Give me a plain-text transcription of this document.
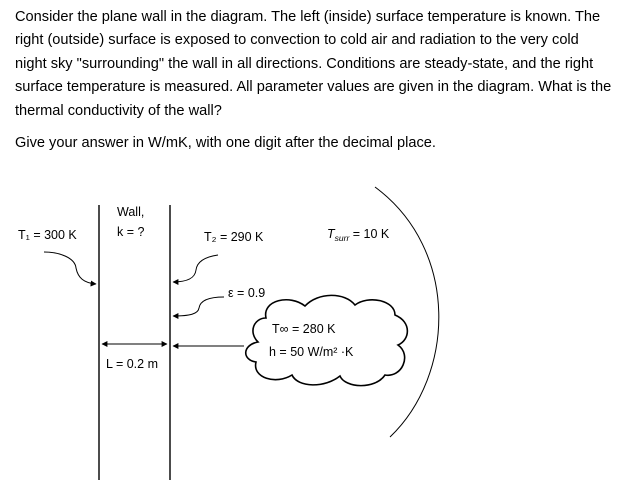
Consider the plane wall in the diagram. The left (inside) surface temperature is known. The right (outside) surface is exposed to convection to cold air and radiation to the very cold night sky "surrounding" the wall in all directions. Conditions are steady-state, and the right surface temperature is measured. All parameter values are given in the diagram. What is the thermal conductivity of the wall?

Give your answer in W/mK, with one digit after the decimal place.

Wall,
k = ?
T₁ = 300 K	T₂ = 290 K
ε = 0.9
$T_{surr} = 10$ K
T∞ = 280 K
h = 50 W/m² ·K
L = 0.2 m
